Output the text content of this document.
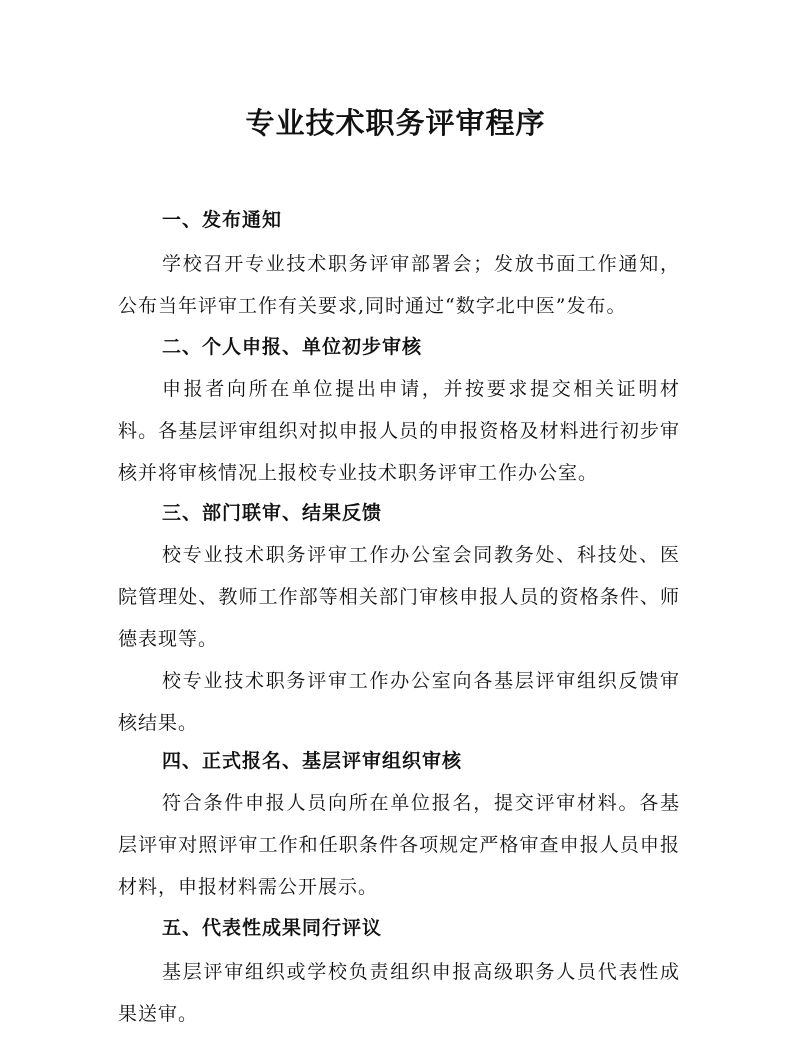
专业技术职务评审程序
一、发布通知

学校召开专业技术职务评审部署会；发放书面工作通知，公布当年评审工作有关要求,同时通过“数字北中医”发布。

二、个人申报、单位初步审核

申报者向所在单位提出申请，并按要求提交相关证明材料。各基层评审组织对拟申报人员的申报资格及材料进行初步审核并将审核情况上报校专业技术职务评审工作办公室。

三、部门联审、结果反馈

校专业技术职务评审工作办公室会同教务处、科技处、医院管理处、教师工作部等相关部门审核申报人员的资格条件、师德表现等。

校专业技术职务评审工作办公室向各基层评审组织反馈审核结果。

四、正式报名、基层评审组织审核

符合条件申报人员向所在单位报名，提交评审材料。各基层评审对照评审工作和任职条件各项规定严格审查申报人员申报材料，申报材料需公开展示。

五、代表性成果同行评议

基层评审组织或学校负责组织申报高级职务人员代表性成果送审。
